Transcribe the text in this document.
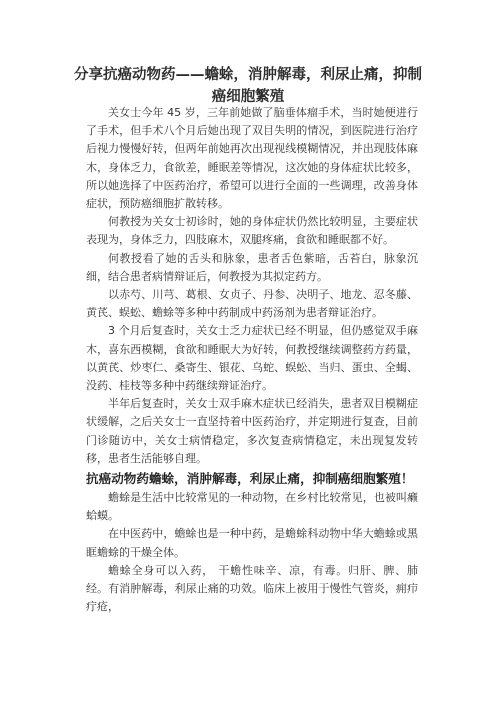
分享抗癌动物药——蟾蜍，消肿解毒，利尿止痛，抑制癌细胞繁殖

关女士今年 45 岁，三年前她做了脑垂体瘤手术，当时她便进行了手术，但手术八个月后她出现了双目失明的情况，到医院进行治疗后视力慢慢好转，但两年前她再次出现视线模糊情况，并出现肢体麻木，身体乏力，食欲差，睡眠差等情况，这次她的身体症状比较多，所以她选择了中医药治疗，希望可以进行全面的一些调理，改善身体症状，预防癌细胞扩散转移。

何教授为关女士初诊时，她的身体症状仍然比较明显，主要症状表现为，身体乏力，四肢麻木，双腿疼痛，食欲和睡眠都不好。

何教授看了她的舌头和脉象，患者舌色紫暗，舌苔白，脉象沉细，结合患者病情辩证后，何教授为其拟定药方。

以赤芍、川芎、葛根、女贞子、丹参、决明子、地龙、忍冬藤、黄芪、蜈蚣、蟾蜍等多种中药制成中药汤剂为患者辩证治疗。

3 个月后复查时，关女士乏力症状已经不明显，但仍感觉双手麻木，喜东西模糊，食欲和睡眠大为好转，何教授继续调整药方药量，以黄芪、炒枣仁、桑寄生、银花、乌蛇、蜈蚣、当归、蛋虫、全蝎、没药、桂枝等多种中药继续辩证治疗。

半年后复查时，关女士双手麻木症状已经消失，患者双目模糊症状缓解，之后关女士一直坚持着中医药治疗，并定期进行复查，目前门诊随访中，关女士病情稳定，多次复查病情稳定，未出现复发转移，患者生活能够自理。

抗癌动物药蟾蜍，消肿解毒，利尿止痛，抑制癌细胞繁殖！

蟾蜍是生活中比较常见的一种动物，在乡村比较常见，也被叫癞蛤蟆。

在中医药中，蟾蜍也是一种中药，是蟾蜍科动物中华大蟾蜍或黑眶蟾蜍的干燥全体。

蟾蜍全身可以入药， 干蟾性味辛、凉，有毒。归肝、脾、肺经。有消肿解毒，利尿止痛的功效。临床上被用于慢性气管炎，痈疖疔疮，
